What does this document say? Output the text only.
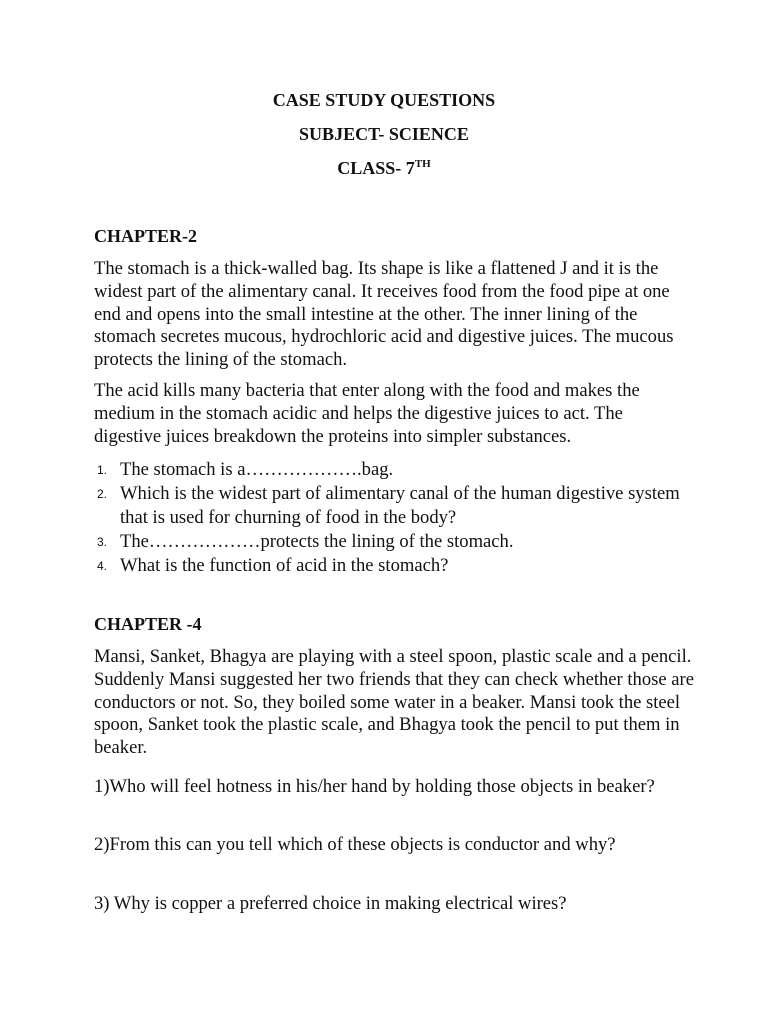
CASE STUDY QUESTIONS
SUBJECT- SCIENCE
CLASS- 7TH
CHAPTER-2

The stomach is a thick-walled bag. Its shape is like a flattened J and it is the widest part of the alimentary canal. It receives food from the food pipe at one end and opens into the small intestine at the other. The inner lining of the stomach secretes mucous, hydrochloric acid and digestive juices. The mucous protects the lining of the stomach.

The acid kills many bacteria that enter along with the food and makes the medium in the stomach acidic and helps the digestive juices to act. The digestive juices breakdown the proteins into simpler substances.

1. The stomach is a……………….bag.
2. Which is the widest part of alimentary canal of the human digestive system that is used for churning of food in the body?
3. The………………protects the lining of the stomach.
4. What is the function of acid in the stomach?
CHAPTER -4

Mansi, Sanket, Bhagya are playing with a steel spoon, plastic scale and a pencil. Suddenly Mansi suggested her two friends that they can check whether those are conductors or not. So, they boiled some water in a beaker. Mansi took the steel spoon, Sanket took the plastic scale, and Bhagya took the pencil to put them in beaker.

1)Who will feel hotness in his/her hand by holding those objects in beaker?

2)From this can you tell which of these objects is conductor and why?

3) Why is copper a preferred choice in making electrical wires?
